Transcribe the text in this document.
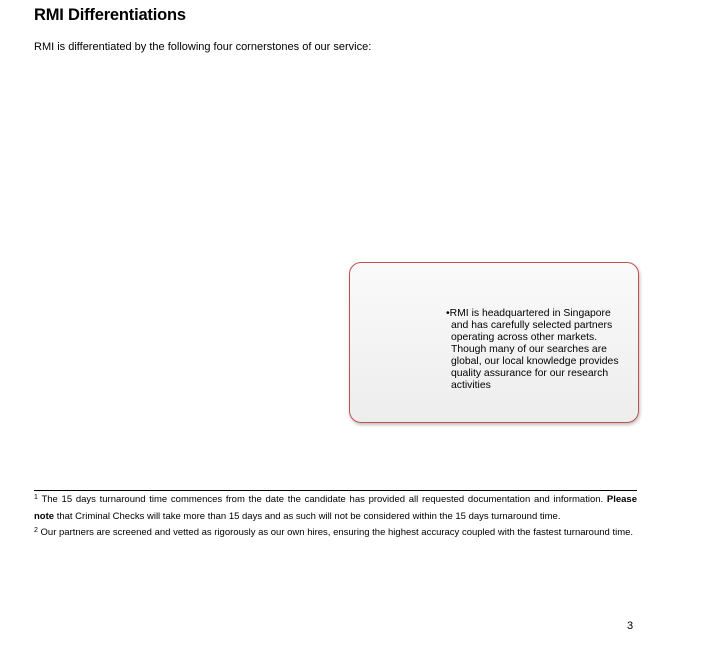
RMI Differentiations
RMI is differentiated by the following four cornerstones of our service:
•RMI is headquartered in Singapore
and has carefully selected partners
operating across other markets.
Though many of our searches are
global, our local knowledge provides
quality assurance for our research
activities
$^1$ The 15 days turnaround time commences from the date the candidate has provided all requested documentation and information. Please note that Criminal Checks will take more than 15 days and as such will not be considered within the 15 days turnaround time.
$^2$ Our partners are screened and vetted as rigorously as our own hires, ensuring the highest accuracy coupled with the fastest turnaround time.
3
